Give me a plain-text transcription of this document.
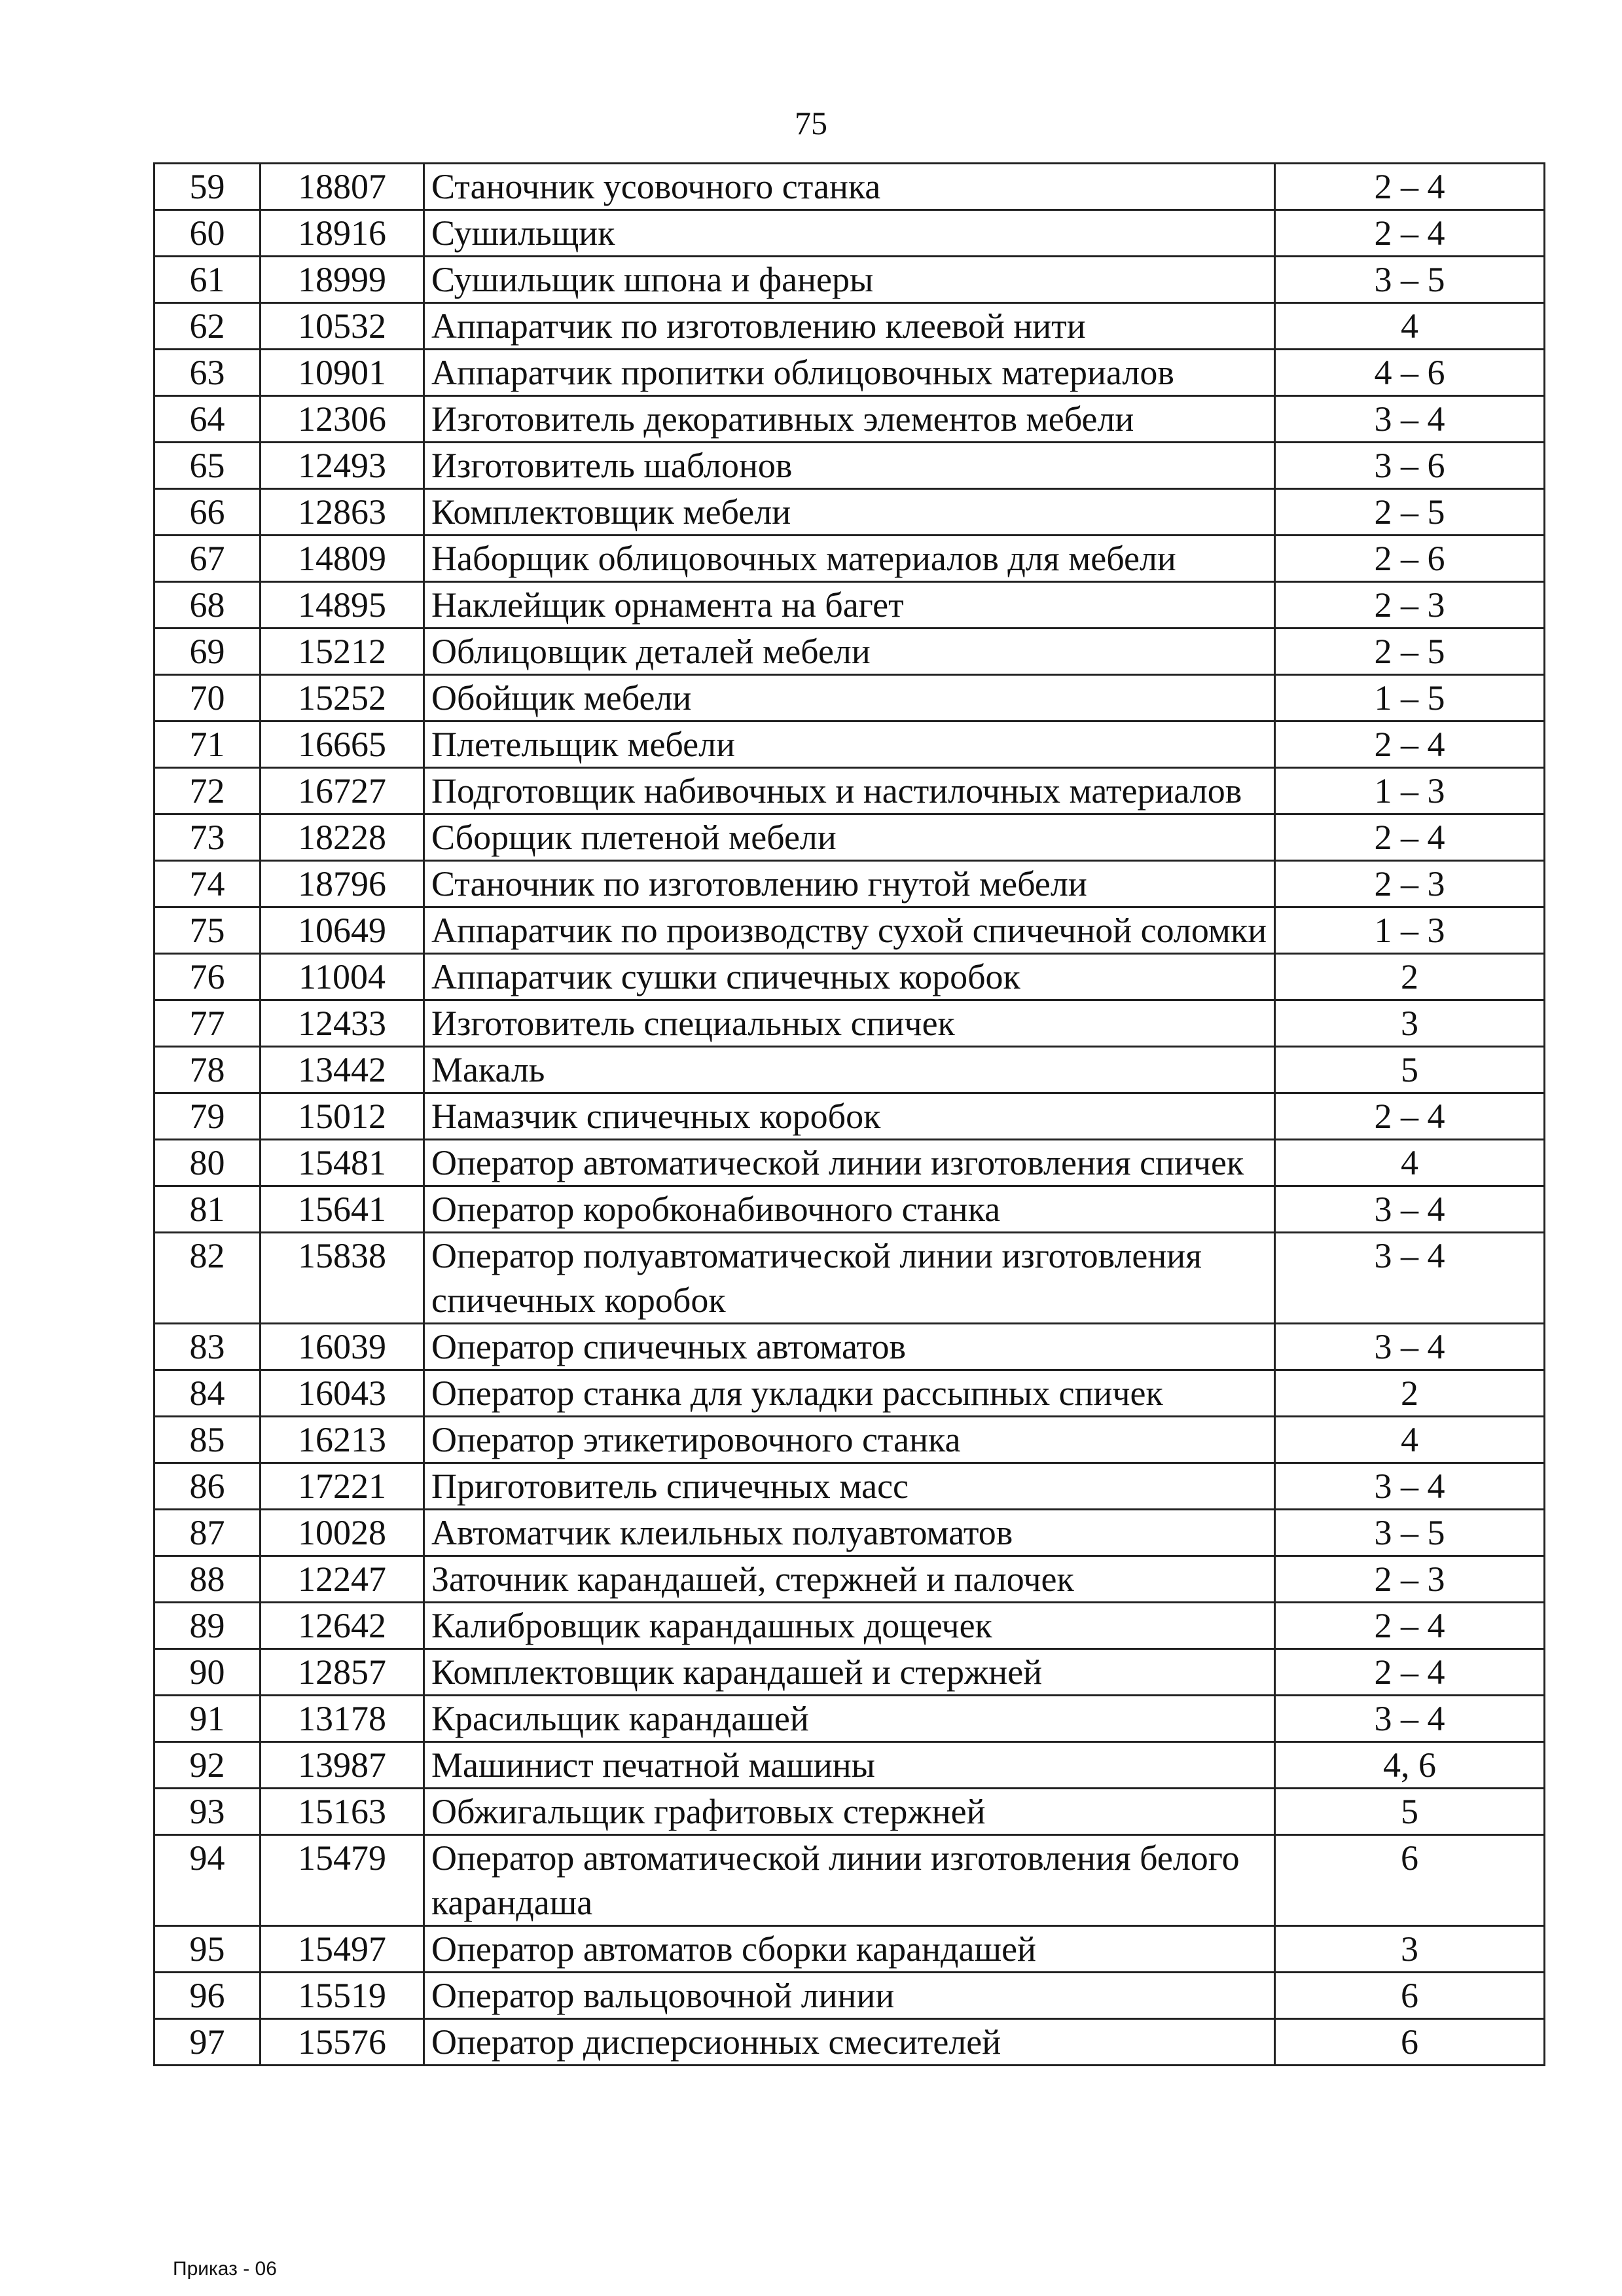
75
59	18807	Станочник усовочного станка	2 – 4
60	18916	Сушильщик	2 – 4
61	18999	Сушильщик шпона и фанеры	3 – 5
62	10532	Аппаратчик по изготовлению клеевой нити	4
63	10901	Аппаратчик пропитки облицовочных материалов	4 – 6
64	12306	Изготовитель декоративных элементов мебели	3 – 4
65	12493	Изготовитель шаблонов	3 – 6
66	12863	Комплектовщик мебели	2 – 5
67	14809	Наборщик облицовочных материалов для мебели	2 – 6
68	14895	Наклейщик орнамента на багет	2 – 3
69	15212	Облицовщик деталей мебели	2 – 5
70	15252	Обойщик мебели	1 – 5
71	16665	Плетельщик мебели	2 – 4
72	16727	Подготовщик набивочных и настилочных материалов	1 – 3
73	18228	Сборщик плетеной мебели	2 – 4
74	18796	Станочник по изготовлению гнутой мебели	2 – 3
75	10649	Аппаратчик по производству сухой спичечной соломки	1 – 3
76	11004	Аппаратчик сушки спичечных коробок	2
77	12433	Изготовитель специальных спичек	3
78	13442	Макаль	5
79	15012	Намазчик спичечных коробок	2 – 4
80	15481	Оператор автоматической линии изготовления спичек	4
81	15641	Оператор коробконабивочного станка	3 – 4
82	15838	Оператор полуавтоматической линии изготовления спичечных коробок	3 – 4
83	16039	Оператор спичечных автоматов	3 – 4
84	16043	Оператор станка для укладки рассыпных спичек	2
85	16213	Оператор этикетировочного станка	4
86	17221	Приготовитель спичечных масс	3 – 4
87	10028	Автоматчик клеильных полуавтоматов	3 – 5
88	12247	Заточник карандашей, стержней и палочек	2 – 3
89	12642	Калибровщик карандашных дощечек	2 – 4
90	12857	Комплектовщик карандашей и стержней	2 – 4
91	13178	Красильщик карандашей	3 – 4
92	13987	Машинист печатной машины	4, 6
93	15163	Обжигальщик графитовых стержней	5
94	15479	Оператор автоматической линии изготовления белого карандаша	6
95	15497	Оператор автоматов сборки карандашей	3
96	15519	Оператор вальцовочной линии	6
97	15576	Оператор дисперсионных смесителей	6
Приказ - 06
